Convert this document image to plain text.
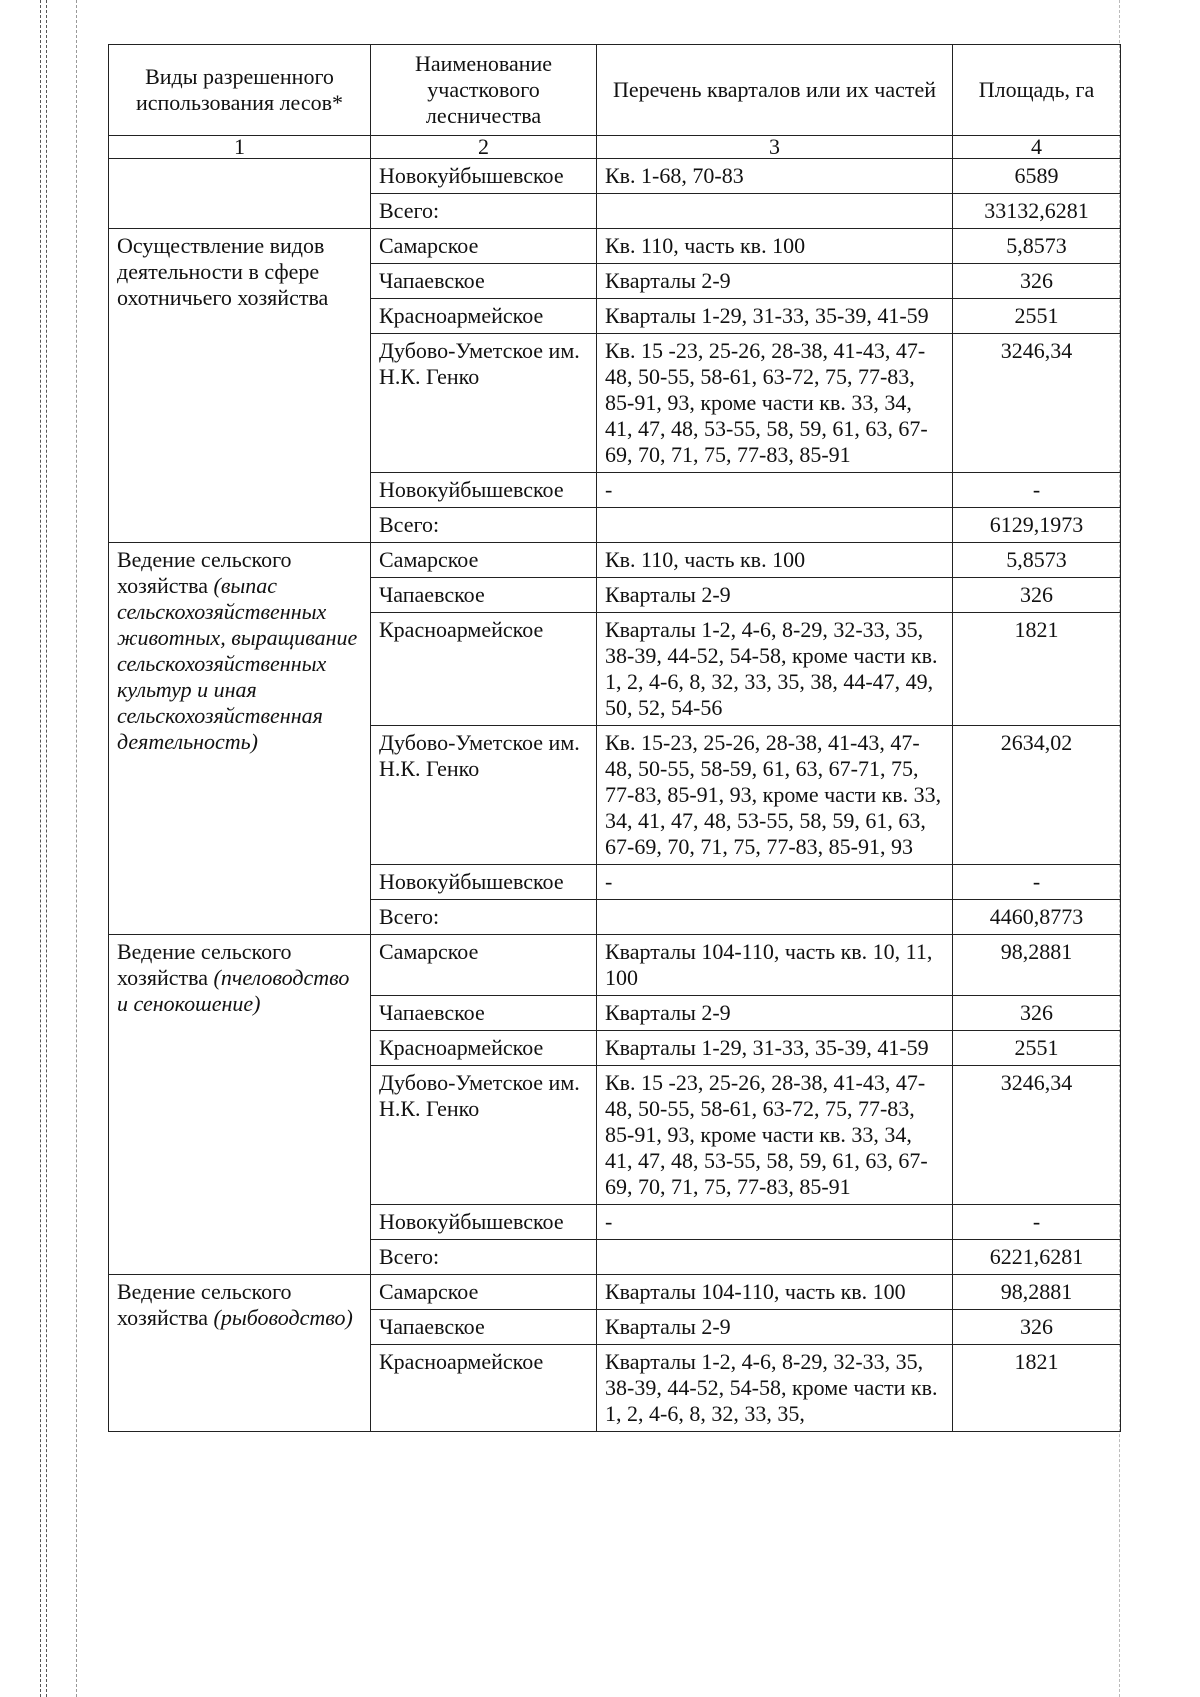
Виды разрешенного использования лесов*	Наименование участкового лесничества	Перечень кварталов или их частей	Площадь, га
1	2	3	4
	Новокуйбышевское	Кв. 1-68, 70-83	6589
	Всего:		33132,6281
Осуществление видов деятельности в сфере охотничьего хозяйства	Самарское	Кв. 110, часть кв. 100	5,8573
	Чапаевское	Кварталы 2-9	326
	Красноармейское	Кварталы 1-29, 31-33, 35-39, 41-59	2551
	Дубово-Уметское им. Н.К. Генко	Кв. 15 -23, 25-26, 28-38, 41-43, 47-48, 50-55, 58-61, 63-72, 75, 77-83, 85-91, 93, кроме части кв. 33, 34, 41, 47, 48, 53-55, 58, 59, 61, 63, 67-69, 70, 71, 75, 77-83, 85-91	3246,34
	Новокуйбышевское	-	-
	Всего:		6129,1973
Ведение сельского хозяйства (выпас сельскохозяйственных животных, выращивание сельскохозяйственных культур и иная сельскохозяйственная деятельность)	Самарское	Кв. 110, часть кв. 100	5,8573
	Чапаевское	Кварталы 2-9	326
	Красноармейское	Кварталы 1-2, 4-6, 8-29, 32-33, 35, 38-39, 44-52, 54-58, кроме части кв. 1, 2, 4-6, 8, 32, 33, 35, 38, 44-47, 49, 50, 52, 54-56	1821
	Дубово-Уметское им. Н.К. Генко	Кв. 15-23, 25-26, 28-38, 41-43, 47-48, 50-55, 58-59, 61, 63, 67-71, 75, 77-83, 85-91, 93, кроме части кв. 33, 34, 41, 47, 48, 53-55, 58, 59, 61, 63, 67-69, 70, 71, 75, 77-83, 85-91, 93	2634,02
	Новокуйбышевское	-	-
	Всего:		4460,8773
Ведение сельского хозяйства (пчеловодство и сенокошение)	Самарское	Кварталы 104-110, часть кв. 10, 11, 100	98,2881
	Чапаевское	Кварталы 2-9	326
	Красноармейское	Кварталы 1-29, 31-33, 35-39, 41-59	2551
	Дубово-Уметское им. Н.К. Генко	Кв. 15 -23, 25-26, 28-38, 41-43, 47-48, 50-55, 58-61, 63-72, 75, 77-83, 85-91, 93, кроме части кв. 33, 34, 41, 47, 48, 53-55, 58, 59, 61, 63, 67-69, 70, 71, 75, 77-83, 85-91	3246,34
	Новокуйбышевское	-	-
	Всего:		6221,6281
Ведение сельского хозяйства (рыбоводство)	Самарское	Кварталы 104-110, часть кв. 100	98,2881
	Чапаевское	Кварталы 2-9	326
	Красноармейское	Кварталы 1-2, 4-6, 8-29, 32-33, 35, 38-39, 44-52, 54-58, кроме части кв. 1, 2, 4-6, 8, 32, 33, 35,	1821
